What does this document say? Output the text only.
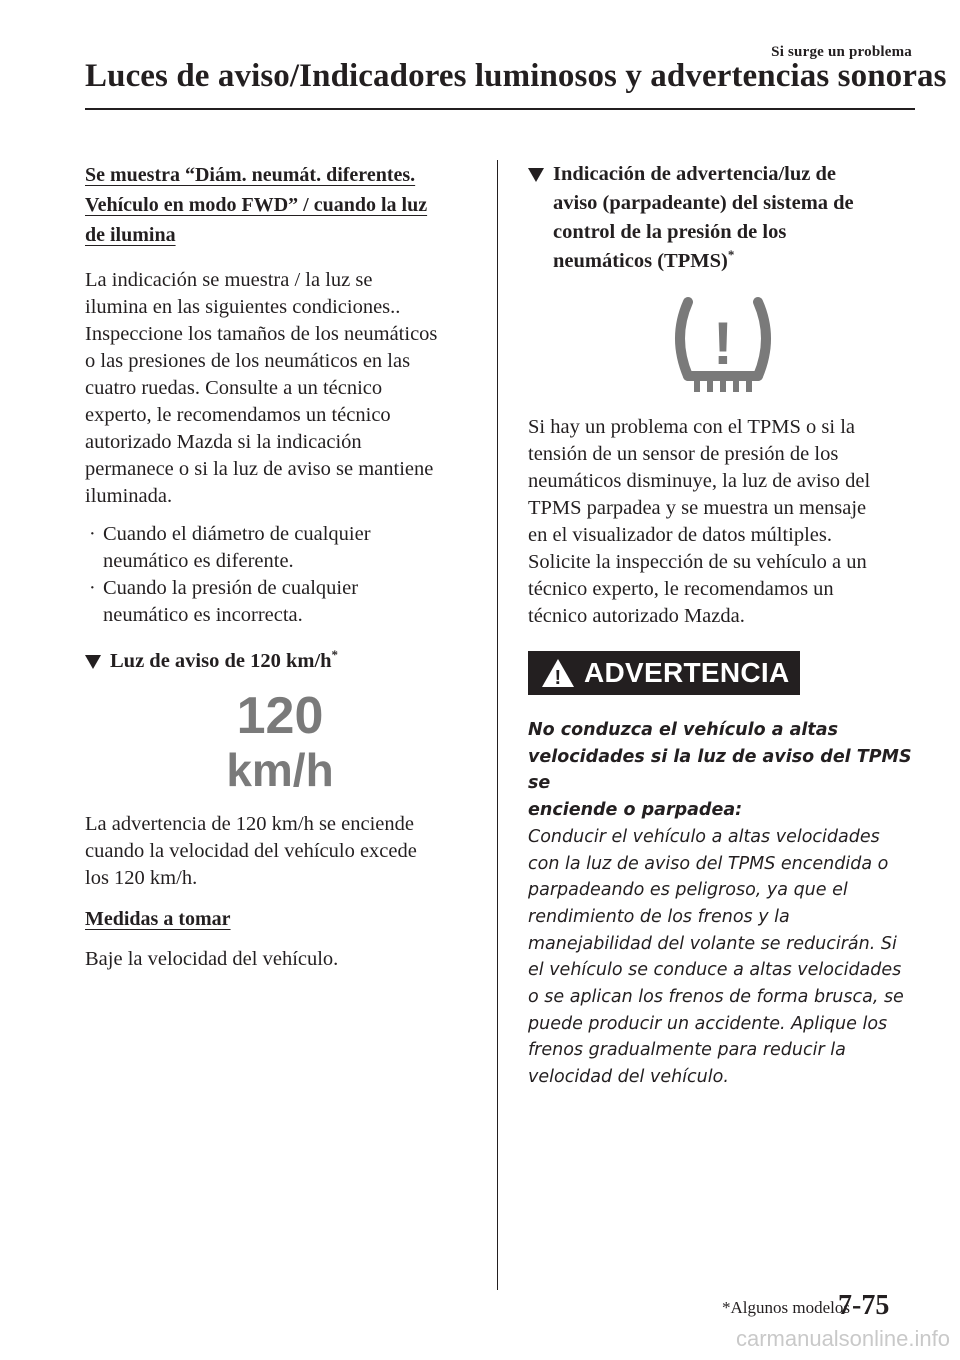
Si surge un problema
Luces de aviso/Indicadores luminosos y advertencias sonoras
Se muestra “Diám. neumát. diferentes.
Vehículo en modo FWD” / cuando la luz
de ilumina
La indicación se muestra / la luz se
ilumina en las siguientes condiciones..
Inspeccione los tamaños de los neumáticos
o las presiones de los neumáticos en las
cuatro ruedas. Consulte a un técnico
experto, le recomendamos un técnico
autorizado Mazda si la indicación
permanece o si la luz de aviso se mantiene
iluminada.
· Cuando el diámetro de cualquier
neumático es diferente.
· Cuando la presión de cualquier
neumático es incorrecta.
Luz de aviso de 120 km/h*
120
km/h
La advertencia de 120 km/h se enciende
cuando la velocidad del vehículo excede
los 120 km/h.
Medidas a tomar
Baje la velocidad del vehículo.
Indicación de advertencia/luz de
aviso (parpadeante) del sistema de
control de la presión de los
neumáticos (TPMS)*
!
Si hay un problema con el TPMS o si la
tensión de un sensor de presión de los
neumáticos disminuye, la luz de aviso del
TPMS parpadea y se muestra un mensaje
en el visualizador de datos múltiples.
Solicite la inspección de su vehículo a un
técnico experto, le recomendamos un
técnico autorizado Mazda.
! ADVERTENCIA
No conduzca el vehículo a altas
velocidades si la luz de aviso del TPMS se
enciende o parpadea:
Conducir el vehículo a altas velocidades
con la luz de aviso del TPMS encendida o
parpadeando es peligroso, ya que el
rendimiento de los frenos y la
manejabilidad del volante se reducirán. Si
el vehículo se conduce a altas velocidades
o se aplican los frenos de forma brusca, se
puede producir un accidente. Aplique los
frenos gradualmente para reducir la
velocidad del vehículo.
*Algunos modelos
7-75
carmanualsonline.info
